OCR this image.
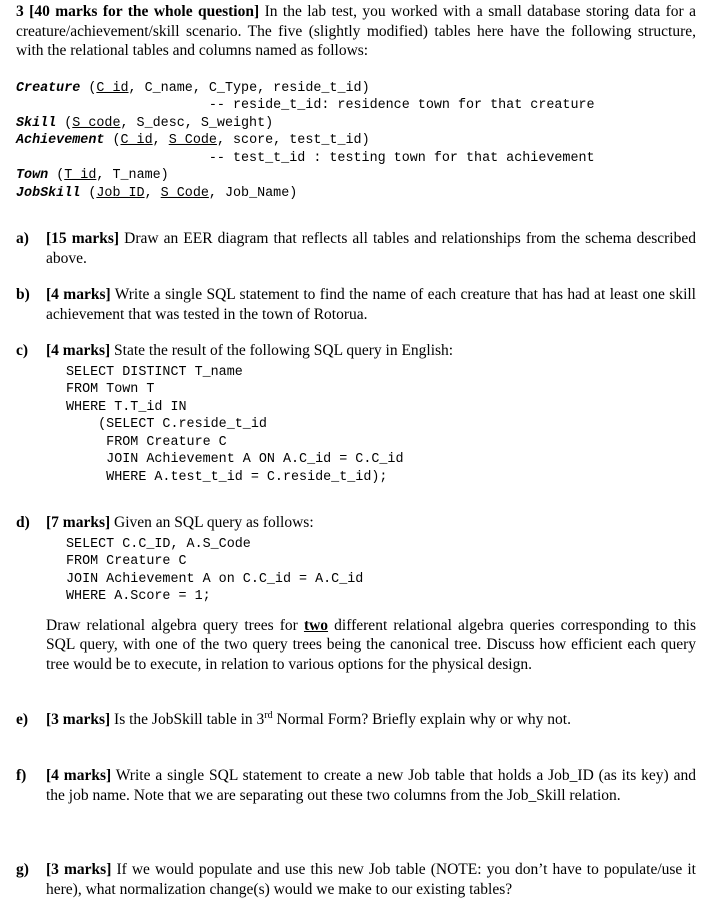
3 [40 marks for the whole question] In the lab test, you worked with a small database storing data for a creature/achievement/skill scenario. The five (slightly modified) tables here have the following structure, with the relational tables and columns named as follows:

Creature (C_id, C_name, C_Type, reside_t_id)
-- reside_t_id: residence town for that creature
Skill (S_code, S_desc, S_weight)
Achievement (C_id, S_Code, score, test_t_id)
-- test_t_id : testing town for that achievement
Town (T_id, T_name)
JobSkill (Job_ID, S_Code, Job_Name)
a) [15 marks] Draw an EER diagram that reflects all tables and relationships from the schema described above.
b) [4 marks] Write a single SQL statement to find the name of each creature that has had at least one skill achievement that was tested in the town of Rotorua.
c) [4 marks] State the result of the following SQL query in English:
SELECT DISTINCT T_name
FROM Town T
WHERE T.T_id IN
(SELECT C.reside_t_id
FROM Creature C
JOIN Achievement A ON A.C_id = C.C_id
WHERE A.test_t_id = C.reside_t_id);
d) [7 marks] Given an SQL query as follows:
SELECT C.C_ID, A.S_Code
FROM Creature C
JOIN Achievement A on C.C_id = A.C_id
WHERE A.Score = 1;
Draw relational algebra query trees for two different relational algebra queries corresponding to this SQL query, with one of the two query trees being the canonical tree. Discuss how efficient each query tree would be to execute, in relation to various options for the physical design.
e) [3 marks] Is the JobSkill table in 3rd Normal Form? Briefly explain why or why not.
f) [4 marks] Write a single SQL statement to create a new Job table that holds a Job_ID (as its key) and the job name. Note that we are separating out these two columns from the Job_Skill relation.
g) [3 marks] If we would populate and use this new Job table (NOTE: you don’t have to populate/use it here), what normalization change(s) would we make to our existing tables?
